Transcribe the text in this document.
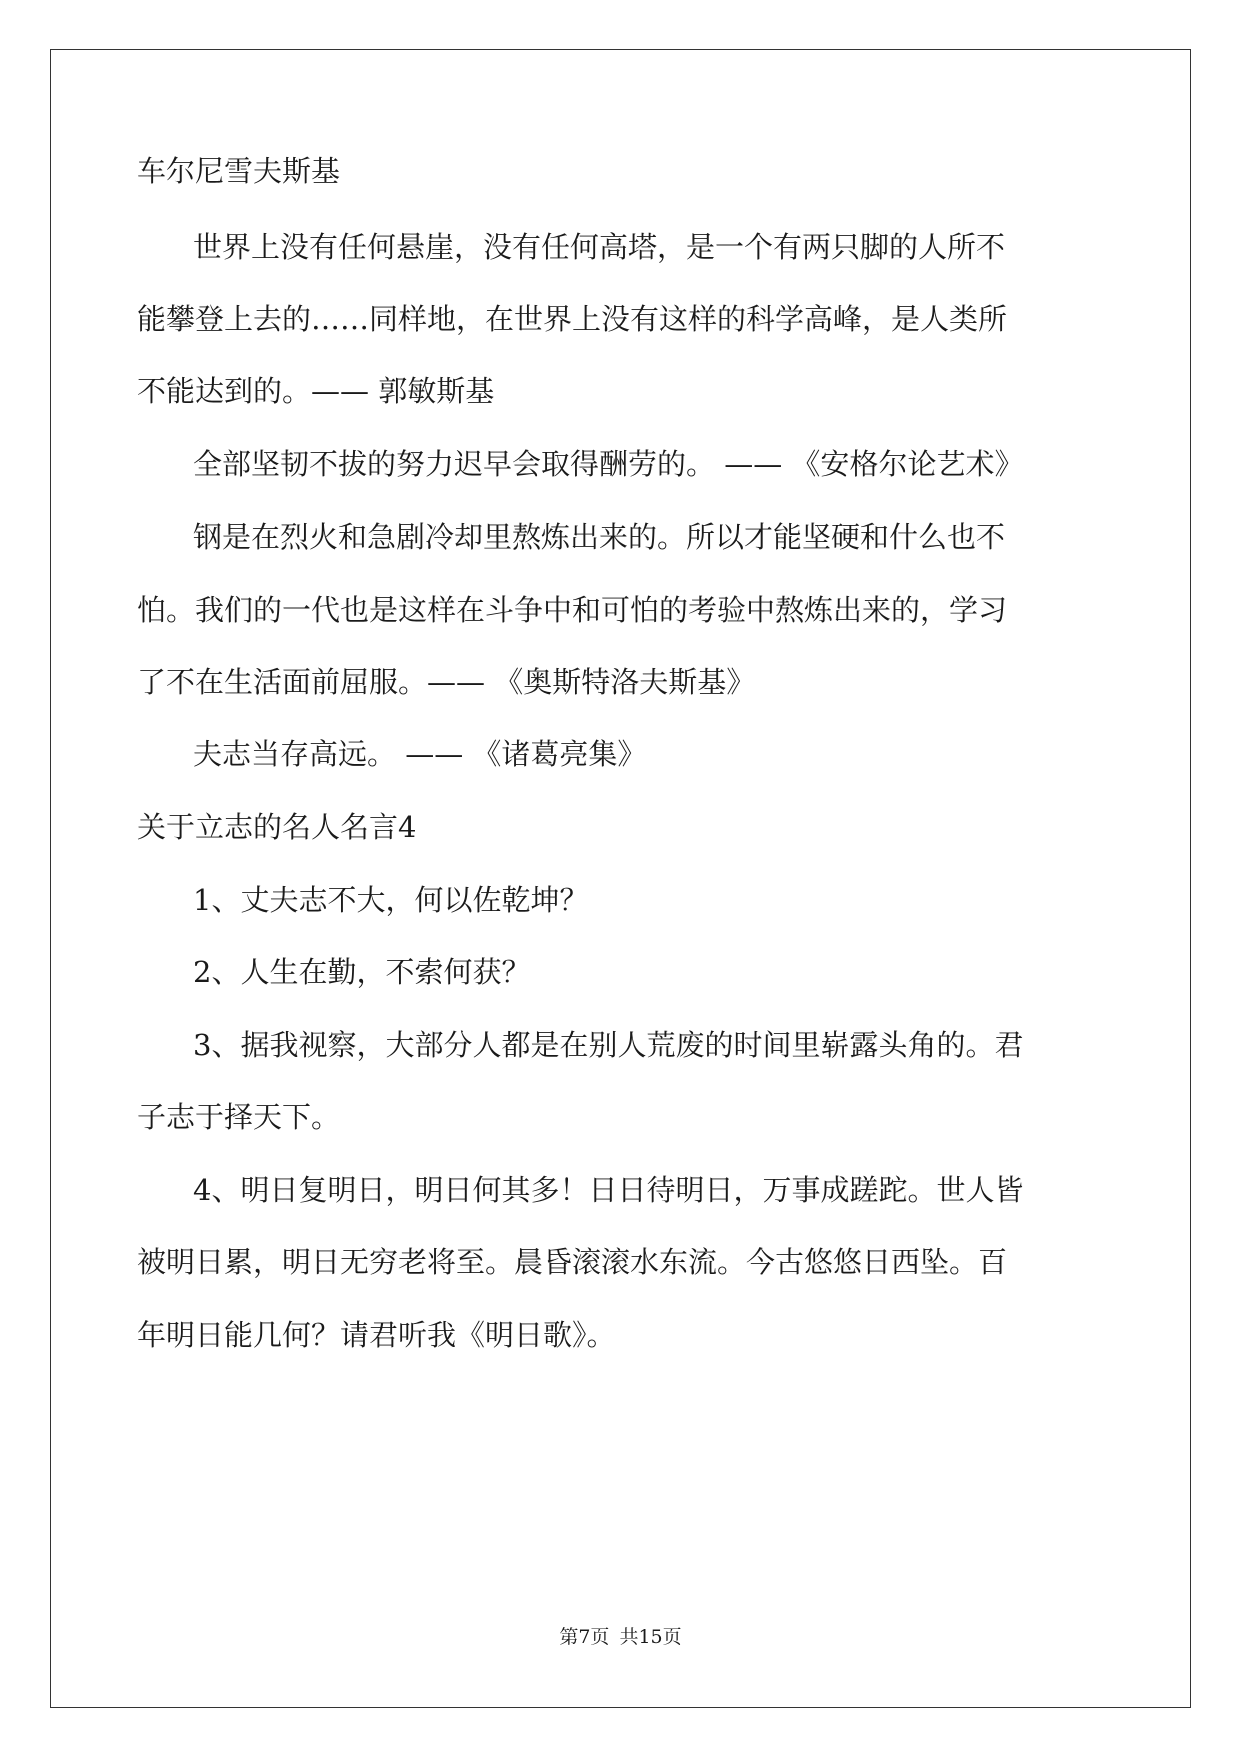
车尔尼雪夫斯基

世界上没有任何悬崖，没有任何高塔，是一个有两只脚的人所不

能攀登上去的……同样地，在世界上没有这样的科学高峰，是人类所

不能达到的。—— 郭敏斯基

全部坚韧不拔的努力迟早会取得酬劳的。 —— 《安格尔论艺术》

钢是在烈火和急剧冷却里熬炼出来的。所以才能坚硬和什么也不

怕。我们的一代也是这样在斗争中和可怕的考验中熬炼出来的，学习

了不在生活面前屈服。—— 《奥斯特洛夫斯基》

夫志当存高远。 —— 《诸葛亮集》

关于立志的名人名言4

1、丈夫志不大，何以佐乾坤？

2、人生在勤，不索何获？

3、据我视察，大部分人都是在别人荒废的时间里崭露头角的。君

子志于择天下。

4、明日复明日，明日何其多！日日待明日，万事成蹉跎。世人皆

被明日累，明日无穷老将至。晨昏滚滚水东流。今古悠悠日西坠。百

年明日能几何？请君听我《明日歌》。

第7页 共15页
